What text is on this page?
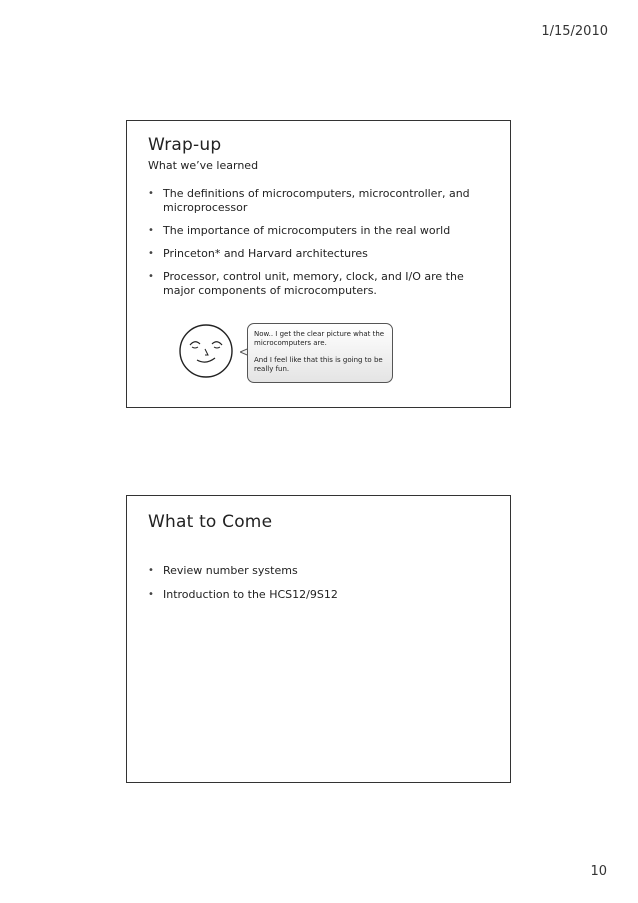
1/15/2010
Wrap-up
What we’ve learned
• The definitions of microcomputers, microcontroller, and microprocessor
• The importance of microcomputers in the real world
• Princeton* and Harvard architectures
• Processor, control unit, memory, clock, and I/O are the major components of microcomputers.

Now.. I get the clear picture what the microcomputers are.

And I feel like that this is going to be really fun.

What to Come
• Review number systems
• Introduction to the HCS12/9S12
10
